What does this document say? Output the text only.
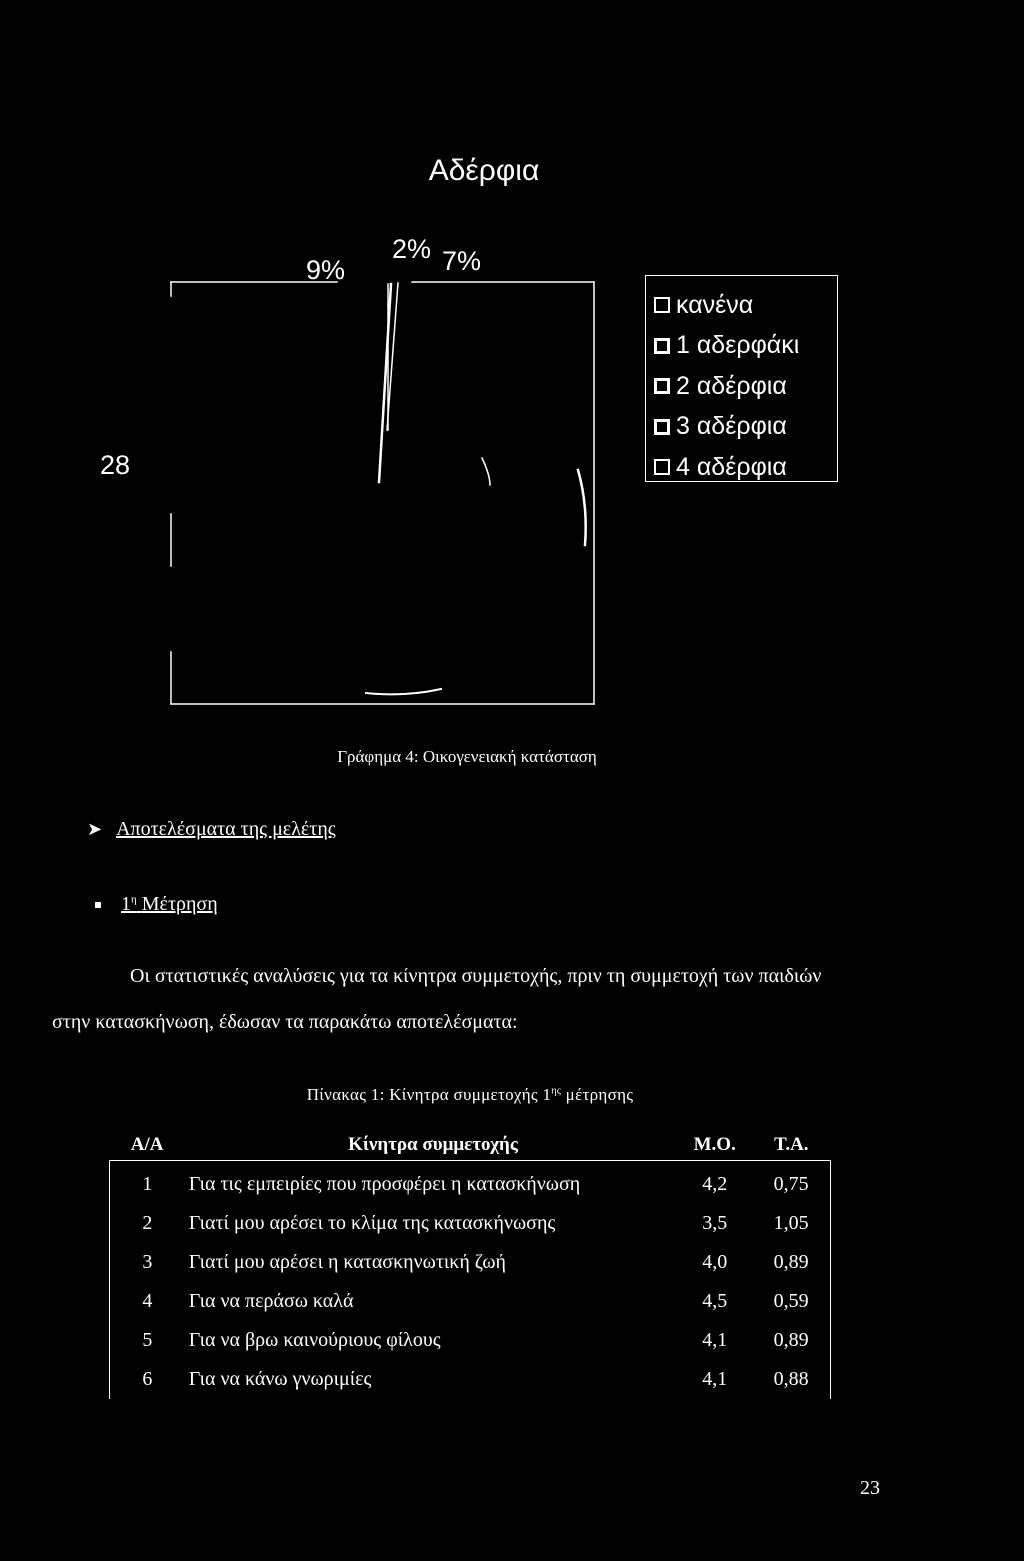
Αδέρφια
9%
2% 7%
28
κανένα
1 αδερφάκι
2 αδέρφια
3 αδέρφια
4 αδέρφια
Γράφημα 4: Οικογενειακή κατάσταση
➤ Αποτελέσματα της μελέτης
$1^\eta$ Μέτρηση
Οι στατιστικές αναλύσεις για τα κίνητρα συμμετοχής, πριν τη συμμετοχή των παιδιών
στην κατασκήνωση, έδωσαν τα παρακάτω αποτελέσματα:
Πίνακας 1: Κίνητρα συμμετοχής $1^{\eta\varsigma}$ μέτρησης
Α/Α	Κίνητρα συμμετοχής	Μ.Ο.	Τ.Α.
1	Για τις εμπειρίες που προσφέρει η κατασκήνωση	4,2	0,75
2	Γιατί μου αρέσει το κλίμα της κατασκήνωσης	3,5	1,05
3	Γιατί μου αρέσει η κατασκηνωτική ζωή	4,0	0,89
4	Για να περάσω καλά	4,5	0,59
5	Για να βρω καινούριους φίλους	4,1	0,89
6	Για να κάνω γνωριμίες	4,1	0,88
23
